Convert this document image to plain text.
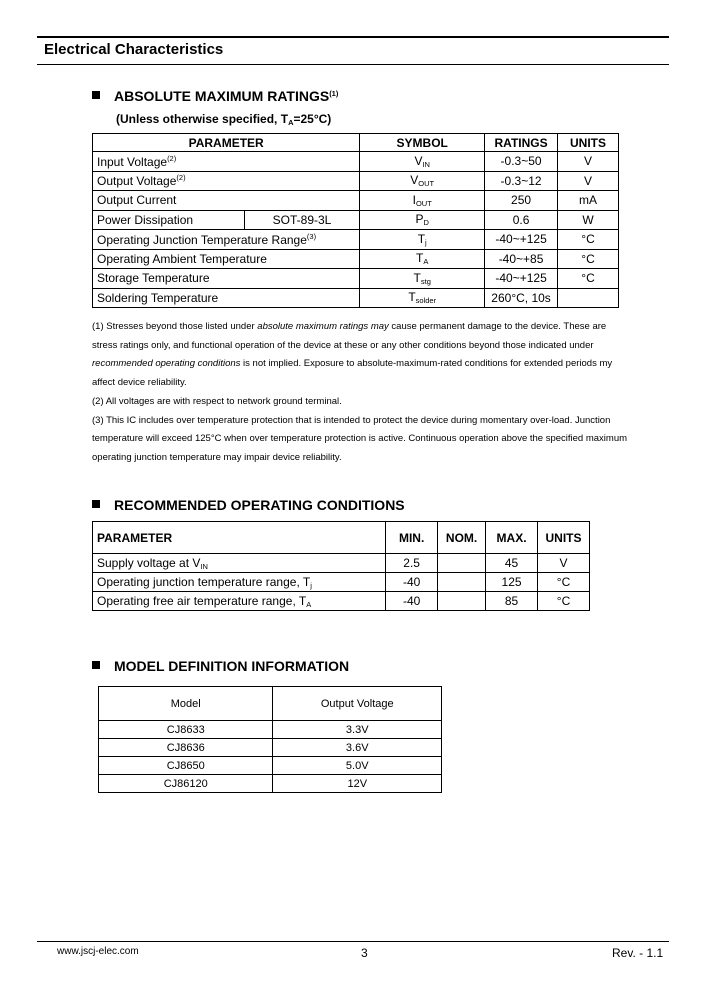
Electrical Characteristics
ABSOLUTE MAXIMUM RATINGS$^{(1)}$
(Unless otherwise specified, $T_A=25^\circ C$)
PARAMETER		SYMBOL	RATINGS	UNITS
Input Voltage$^{(2)}$		$V_{IN}$	-0.3~50	V
Output Voltage$^{(2)}$		$V_{OUT}$	-0.3~12	V
Output Current		$I_{OUT}$	250	mA
Power Dissipation	SOT-89-3L	$P_D$	0.6	W
Operating Junction Temperature Range$^{(3)}$		$T_j$	-40~+125	°C
Operating Ambient Temperature		$T_A$	-40~+85	°C
Storage Temperature		$T_{stg}$	-40~+125	°C
Soldering Temperature		$T_{solder}$	260°C, 10s	

(1) Stresses beyond those listed under absolute maximum ratings may cause permanent damage to the device. These are stress ratings only, and functional operation of the device at these or any other conditions beyond those indicated under recommended operating conditions is not implied. Exposure to absolute-maximum-rated conditions for extended periods my affect device reliability.

(2) All voltages are with respect to network ground terminal.

(3) This IC includes over temperature protection that is intended to protect the device during momentary over-load. Junction temperature will exceed 125°C when over temperature protection is active. Continuous operation above the specified maximum operating junction temperature may impair device reliability.

RECOMMENDED OPERATING CONDITIONS
PARAMETER	MIN.	NOM.	MAX.	UNITS
Supply voltage at $V_{IN}$	2.5		45	V
Operating junction temperature range, $T_j$	-40		125	°C
Operating free air temperature range, $T_A$	-40		85	°C
MODEL DEFINITION INFORMATION
Model	Output Voltage
CJ8633	3.3V
CJ8636	3.6V
CJ8650	5.0V
CJ86120	12V
www.jscj-elec.com	3	Rev. - 1.1
